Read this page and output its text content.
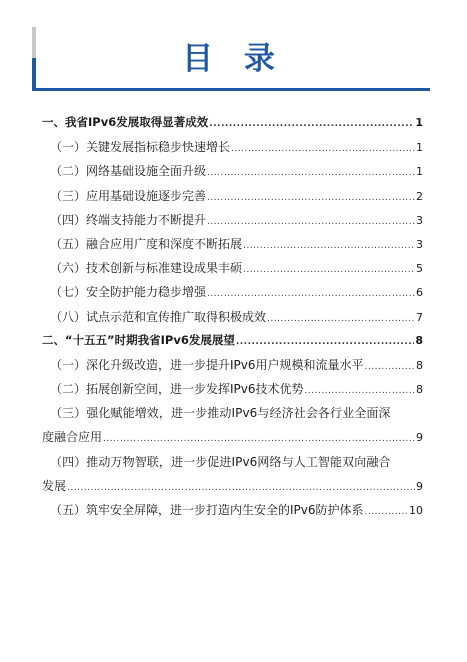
目 录
一、我省IPv6发展取得显著成效 .....	1
（一）关键发展指标稳步快速增长 .....	1
（二）网络基础设施全面升级 .....	1
（三）应用基础设施逐步完善 .....	2
（四）终端支持能力不断提升 .....	3
（五）融合应用广度和深度不断拓展 .....	3
（六）技术创新与标准建设成果丰硕 .....	5
（七）安全防护能力稳步增强 .....	6
（八）试点示范和宣传推广取得积极成效 .....	7
二、“十五五”时期我省IPv6发展展望 .....	8
（一）深化升级改造，进一步提升IPv6用户规模和流量水平 .....	8
（二）拓展创新空间，进一步发挥IPv6技术优势 .....	8
（三）强化赋能增效，进一步推动IPv6与经济社会各行业全面深
度融合应用 .....	9
（四）推动万物智联，进一步促进IPv6网络与人工智能双向融合
发展 .....	9
（五）筑牢安全屏障，进一步打造内生安全的IPv6防护体系 .....	10
